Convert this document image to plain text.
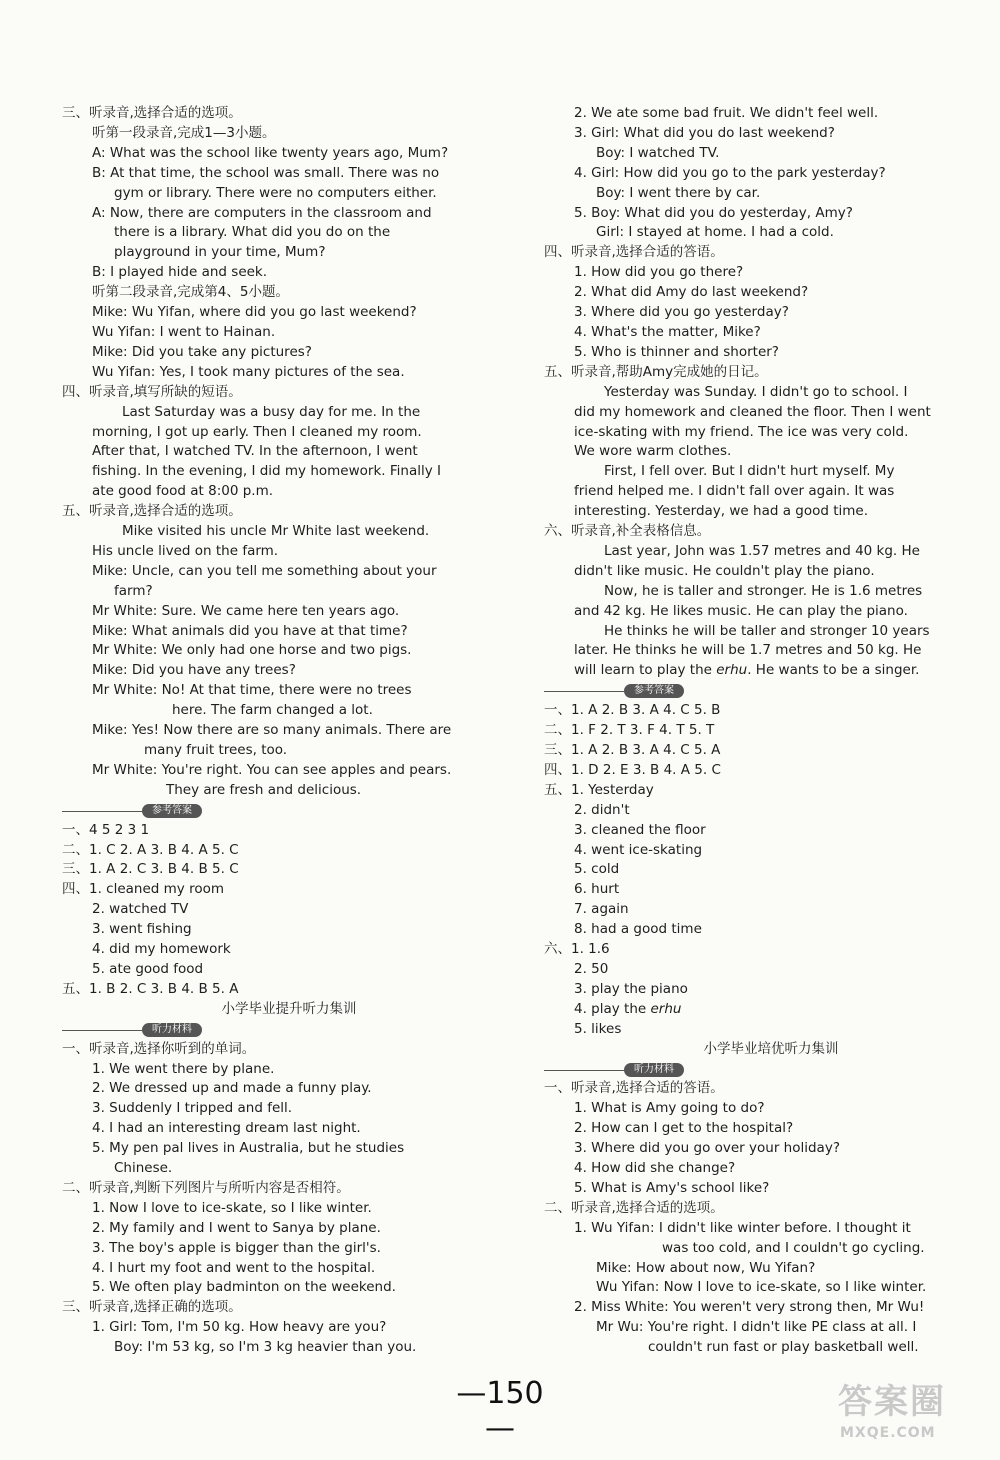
三、听录音,选择合适的选项。
听第一段录音,完成1—3小题。
A: What was the school like twenty years ago, Mum?
B: At that time, the school was small. There was no
gym or library. There were no computers either.
A: Now, there are computers in the classroom and
there is a library. What did you do on the
playground in your time, Mum?
B: I played hide and seek.
听第二段录音,完成第4、5小题。
Mike: Wu Yifan, where did you go last weekend?
Wu Yifan: I went to Hainan.
Mike: Did you take any pictures?
Wu Yifan: Yes, I took many pictures of the sea.
四、听录音,填写所缺的短语。
Last Saturday was a busy day for me. In the
morning, I got up early. Then I cleaned my room.
After that, I watched TV. In the afternoon, I went
fishing. In the evening, I did my homework. Finally I
ate good food at 8:00 p.m.
五、听录音,选择合适的选项。
Mike visited his uncle Mr White last weekend.
His uncle lived on the farm.
Mike: Uncle, can you tell me something about your
farm?
Mr White: Sure. We came here ten years ago.
Mike: What animals did you have at that time?
Mr White: We only had one horse and two pigs.
Mike: Did you have any trees?
Mr White: No! At that time, there were no trees
here. The farm changed a lot.
Mike: Yes! Now there are so many animals. There are
many fruit trees, too.
Mr White: You're right. You can see apples and pears.
They are fresh and delicious.
参考答案
一、4 5 2 3 1
二、1. C 2. A 3. B 4. A 5. C
三、1. A 2. C 3. B 4. B 5. C
四、1. cleaned my room
2. watched TV
3. went fishing
4. did my homework
5. ate good food
五、1. B 2. C 3. B 4. B 5. A
小学毕业提升听力集训
听力材料
一、听录音,选择你听到的单词。
1. We went there by plane.
2. We dressed up and made a funny play.
3. Suddenly I tripped and fell.
4. I had an interesting dream last night.
5. My pen pal lives in Australia, but he studies
Chinese.
二、听录音,判断下列图片与所听内容是否相符。
1. Now I love to ice-skate, so I like winter.
2. My family and I went to Sanya by plane.
3. The boy's apple is bigger than the girl's.
4. I hurt my foot and went to the hospital.
5. We often play badminton on the weekend.
三、听录音,选择正确的选项。
1. Girl: Tom, I'm 50 kg. How heavy are you?
Boy: I'm 53 kg, so I'm 3 kg heavier than you.
2. We ate some bad fruit. We didn't feel well.
3. Girl: What did you do last weekend?
Boy: I watched TV.
4. Girl: How did you go to the park yesterday?
Boy: I went there by car.
5. Boy: What did you do yesterday, Amy?
Girl: I stayed at home. I had a cold.
四、听录音,选择合适的答语。
1. How did you go there?
2. What did Amy do last weekend?
3. Where did you go yesterday?
4. What's the matter, Mike?
5. Who is thinner and shorter?
五、听录音,帮助Amy完成她的日记。
Yesterday was Sunday. I didn't go to school. I
did my homework and cleaned the floor. Then I went
ice-skating with my friend. The ice was very cold.
We wore warm clothes.
First, I fell over. But I didn't hurt myself. My
friend helped me. I didn't fall over again. It was
interesting. Yesterday, we had a good time.
六、听录音,补全表格信息。
Last year, John was 1.57 metres and 40 kg. He
didn't like music. He couldn't play the piano.
Now, he is taller and stronger. He is 1.6 metres
and 42 kg. He likes music. He can play the piano.
He thinks he will be taller and stronger 10 years
later. He thinks he will be 1.7 metres and 50 kg. He
will learn to play the erhu. He wants to be a singer.
参考答案
一、1. A 2. B 3. A 4. C 5. B
二、1. F 2. T 3. F 4. T 5. T
三、1. A 2. B 3. A 4. C 5. A
四、1. D 2. E 3. B 4. A 5. C
五、1. Yesterday
2. didn't
3. cleaned the floor
4. went ice-skating
5. cold
6. hurt
7. again
8. had a good time
六、1. 1.6
2. 50
3. play the piano
4. play the erhu
5. likes
小学毕业培优听力集训
听力材料
一、听录音,选择合适的答语。
1. What is Amy going to do?
2. How can I get to the hospital?
3. Where did you go over your holiday?
4. How did she change?
5. What is Amy's school like?
二、听录音,选择合适的选项。
1. Wu Yifan: I didn't like winter before. I thought it
was too cold, and I couldn't go cycling.
Mike: How about now, Wu Yifan?
Wu Yifan: Now I love to ice-skate, so I like winter.
2. Miss White: You weren't very strong then, Mr Wu!
Mr Wu: You're right. I didn't like PE class at all. I
couldn't run fast or play basketball well.
—150 —
答案圈
MXQE.COM
